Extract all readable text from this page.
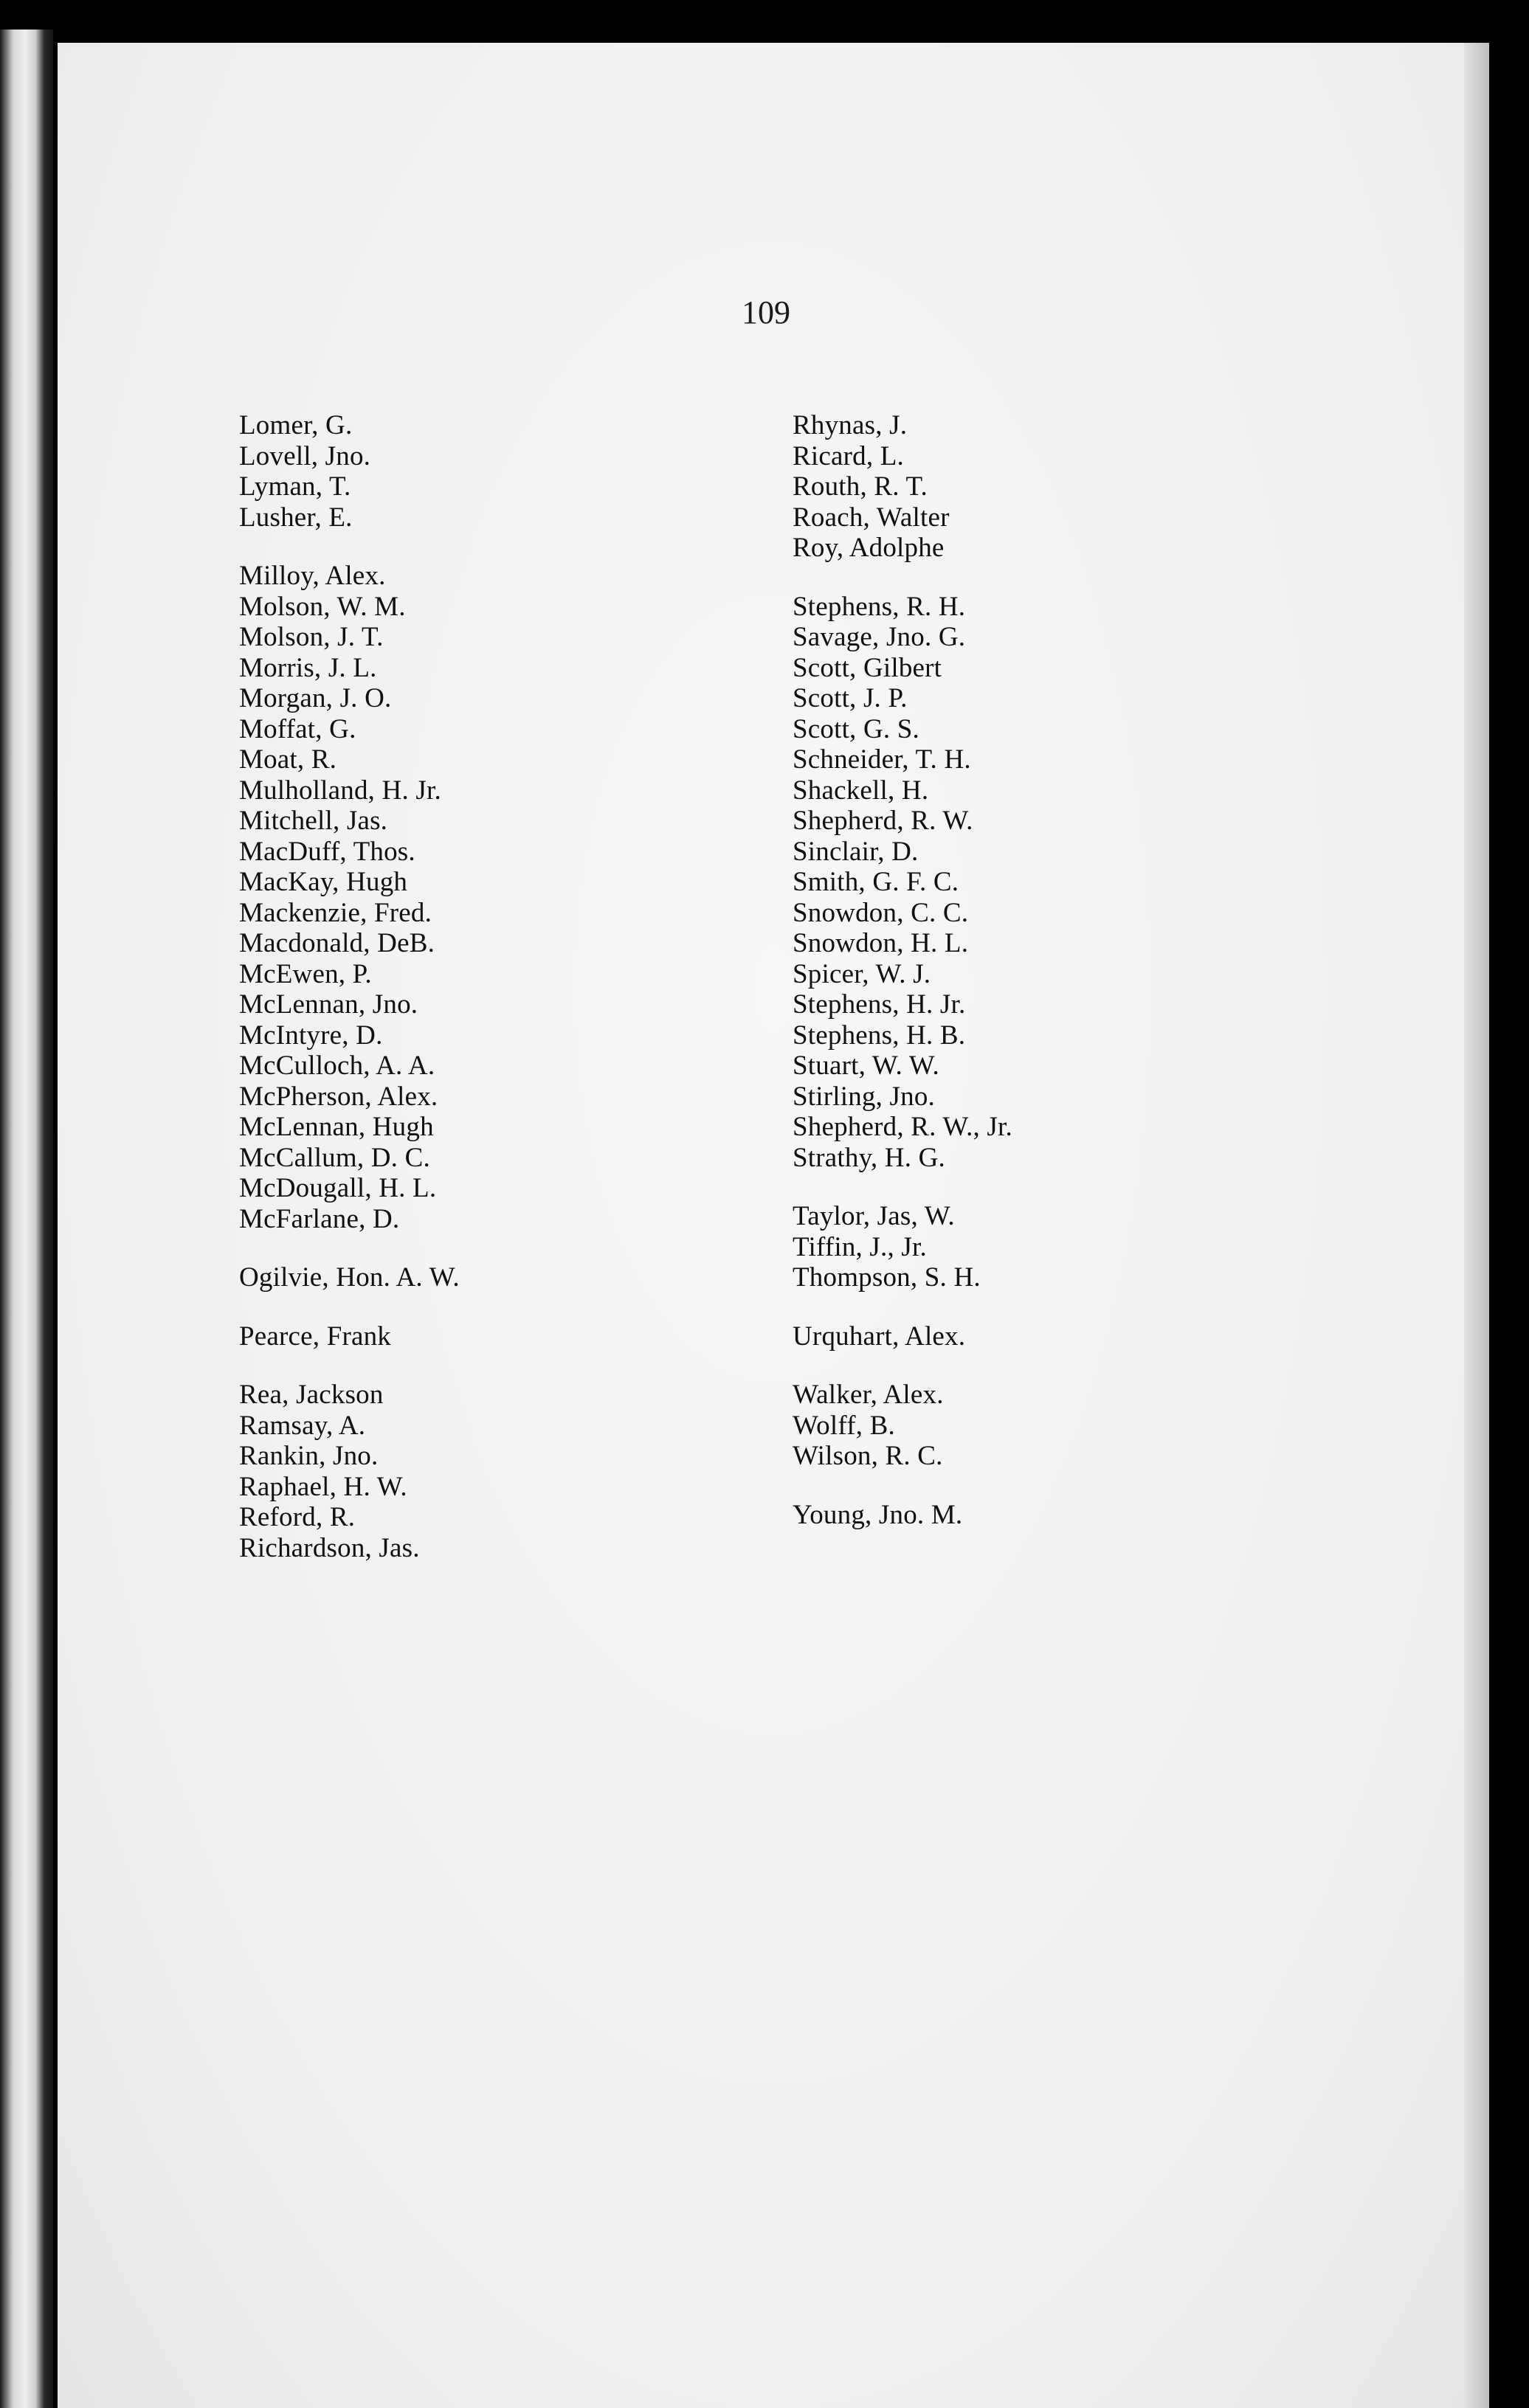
109
Lomer, G.
Lovell, Jno.
Lyman, T.
Lusher, E.
Milloy, Alex.
Molson, W. M.
Molson, J. T.
Morris, J. L.
Morgan, J. O.
Moffat, G.
Moat, R.
Mulholland, H. Jr.
Mitchell, Jas.
MacDuff, Thos.
MacKay, Hugh
Mackenzie, Fred.
Macdonald, DeB.
McEwen, P.
McLennan, Jno.
McIntyre, D.
McCulloch, A. A.
McPherson, Alex.
McLennan, Hugh
McCallum, D. C.
McDougall, H. L.
McFarlane, D.
Ogilvie, Hon. A. W.
Pearce, Frank
Rea, Jackson
Ramsay, A.
Rankin, Jno.
Raphael, H. W.
Reford, R.
Richardson, Jas.
Rhynas, J.
Ricard, L.
Routh, R. T.
Roach, Walter
Roy, Adolphe
Stephens, R. H.
Savage, Jno. G.
Scott, Gilbert
Scott, J. P.
Scott, G. S.
Schneider, T. H.
Shackell, H.
Shepherd, R. W.
Sinclair, D.
Smith, G. F. C.
Snowdon, C. C.
Snowdon, H. L.
Spicer, W. J.
Stephens, H. Jr.
Stephens, H. B.
Stuart, W. W.
Stirling, Jno.
Shepherd, R. W., Jr.
Strathy, H. G.
Taylor, Jas, W.
Tiffin, J., Jr.
Thompson, S. H.
Urquhart, Alex.
Walker, Alex.
Wolff, B.
Wilson, R. C.
Young, Jno. M.
